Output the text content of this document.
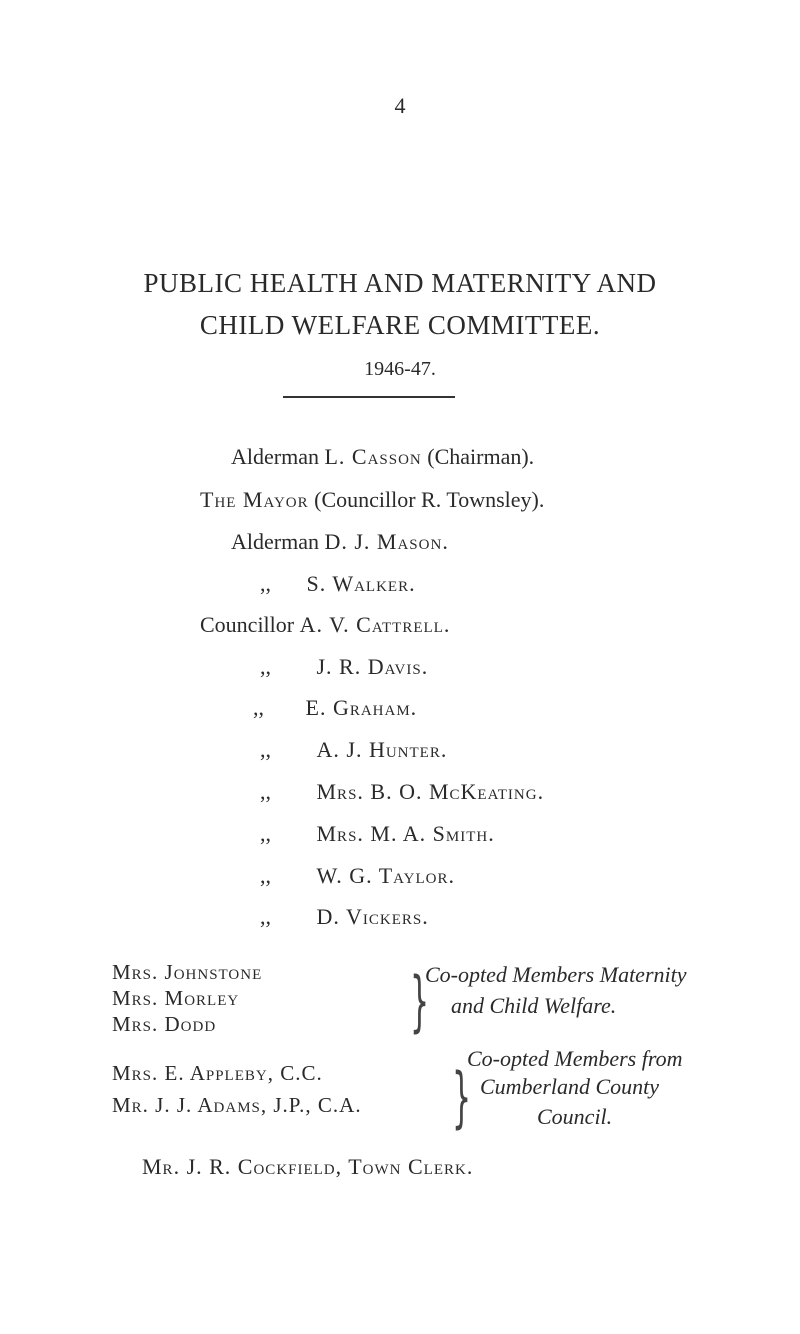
4
PUBLIC HEALTH AND MATERNITY AND
CHILD WELFARE COMMITTEE.
1946-47.
Alderman L. Casson (Chairman).
The Mayor (Councillor R. Townsley).
Alderman D. J. Mason.
,, S. Walker.
Councillor A. V. Cattrell.
,, J. R. Davis.
,, E. Graham.
,, A. J. Hunter.
,, Mrs. B. O. McKeating.
,, Mrs. M. A. Smith.
,, W. G. Taylor.
,, D. Vickers.
Mrs. Johnstone
Mrs. Morley
Mrs. Dodd	}
Co-opted Members Maternity
and Child Welfare.
Mrs. E. Appleby, C.C.
Mr. J. J. Adams, J.P., C.A.	}
Co-opted Members from
Cumberland County
Council.
Mr. J. R. Cockfield, Town Clerk.
